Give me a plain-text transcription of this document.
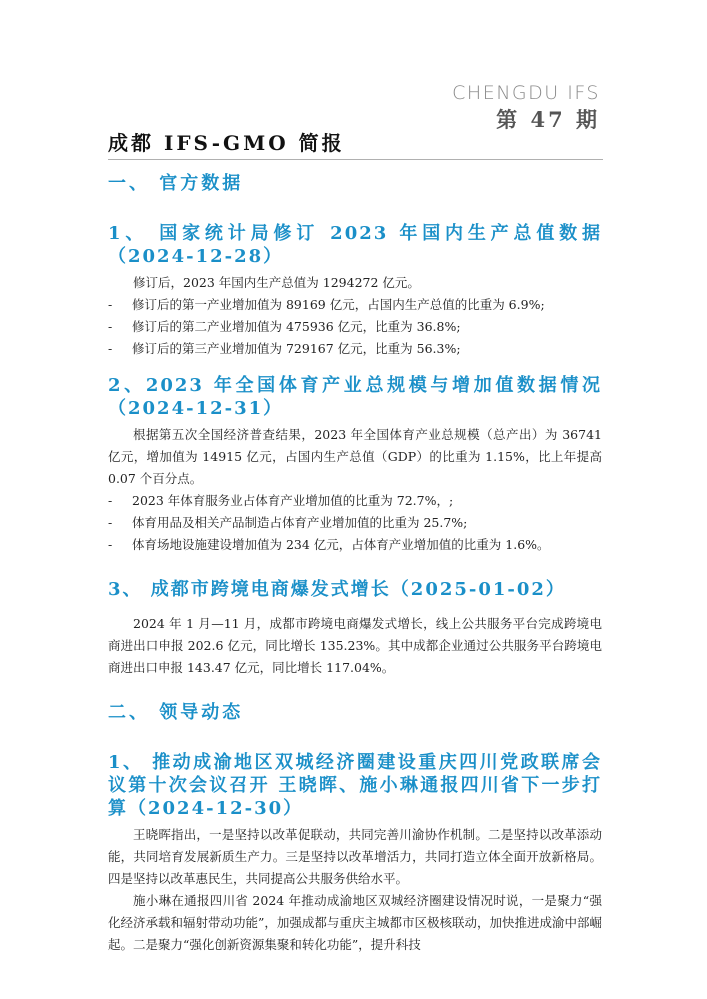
CHENGDU IFS
第 47 期
成都 IFS-GMO 简报
一、 官方数据
1、 国家统计局修订 2023 年国内生产总值数据（2024-12-28）

修订后，2023 年国内生产总值为 1294272 亿元。

- 修订后的第一产业增加值为 89169 亿元，占国内生产总值的比重为 6.9%;

- 修订后的第二产业增加值为 475936 亿元，比重为 36.8%;

- 修订后的第三产业增加值为 729167 亿元，比重为 56.3%;

2、2023 年全国体育产业总规模与增加值数据情况（2024-12-31）

根据第五次全国经济普查结果，2023 年全国体育产业总规模（总产出）为 36741 亿元，增加值为 14915 亿元，占国内生产总值（GDP）的比重为 1.15%，比上年提高 0.07 个百分点。

- 2023 年体育服务业占体育产业增加值的比重为 72.7%，;

- 体育用品及相关产品制造占体育产业增加值的比重为 25.7%;

- 体育场地设施建设增加值为 234 亿元，占体育产业增加值的比重为 1.6%。

3、 成都市跨境电商爆发式增长（2025-01-02）

2024 年 1 月—11 月，成都市跨境电商爆发式增长，线上公共服务平台完成跨境电商进出口申报 202.6 亿元，同比增长 135.23%。其中成都企业通过公共服务平台跨境电商进出口申报 143.47 亿元，同比增长 117.04%。

二、 领导动态
1、 推动成渝地区双城经济圈建设重庆四川党政联席会议第十次会议召开 王晓晖、施小琳通报四川省下一步打算（2024-12-30）

王晓晖指出，一是坚持以改革促联动，共同完善川渝协作机制。二是坚持以改革添动能，共同培育发展新质生产力。三是坚持以改革增活力，共同打造立体全面开放新格局。四是坚持以改革惠民生，共同提高公共服务供给水平。

施小琳在通报四川省 2024 年推动成渝地区双城经济圈建设情况时说，一是聚力“强化经济承载和辐射带动功能”，加强成都与重庆主城都市区极核联动，加快推进成渝中部崛起。二是聚力“强化创新资源集聚和转化功能”，提升科技
